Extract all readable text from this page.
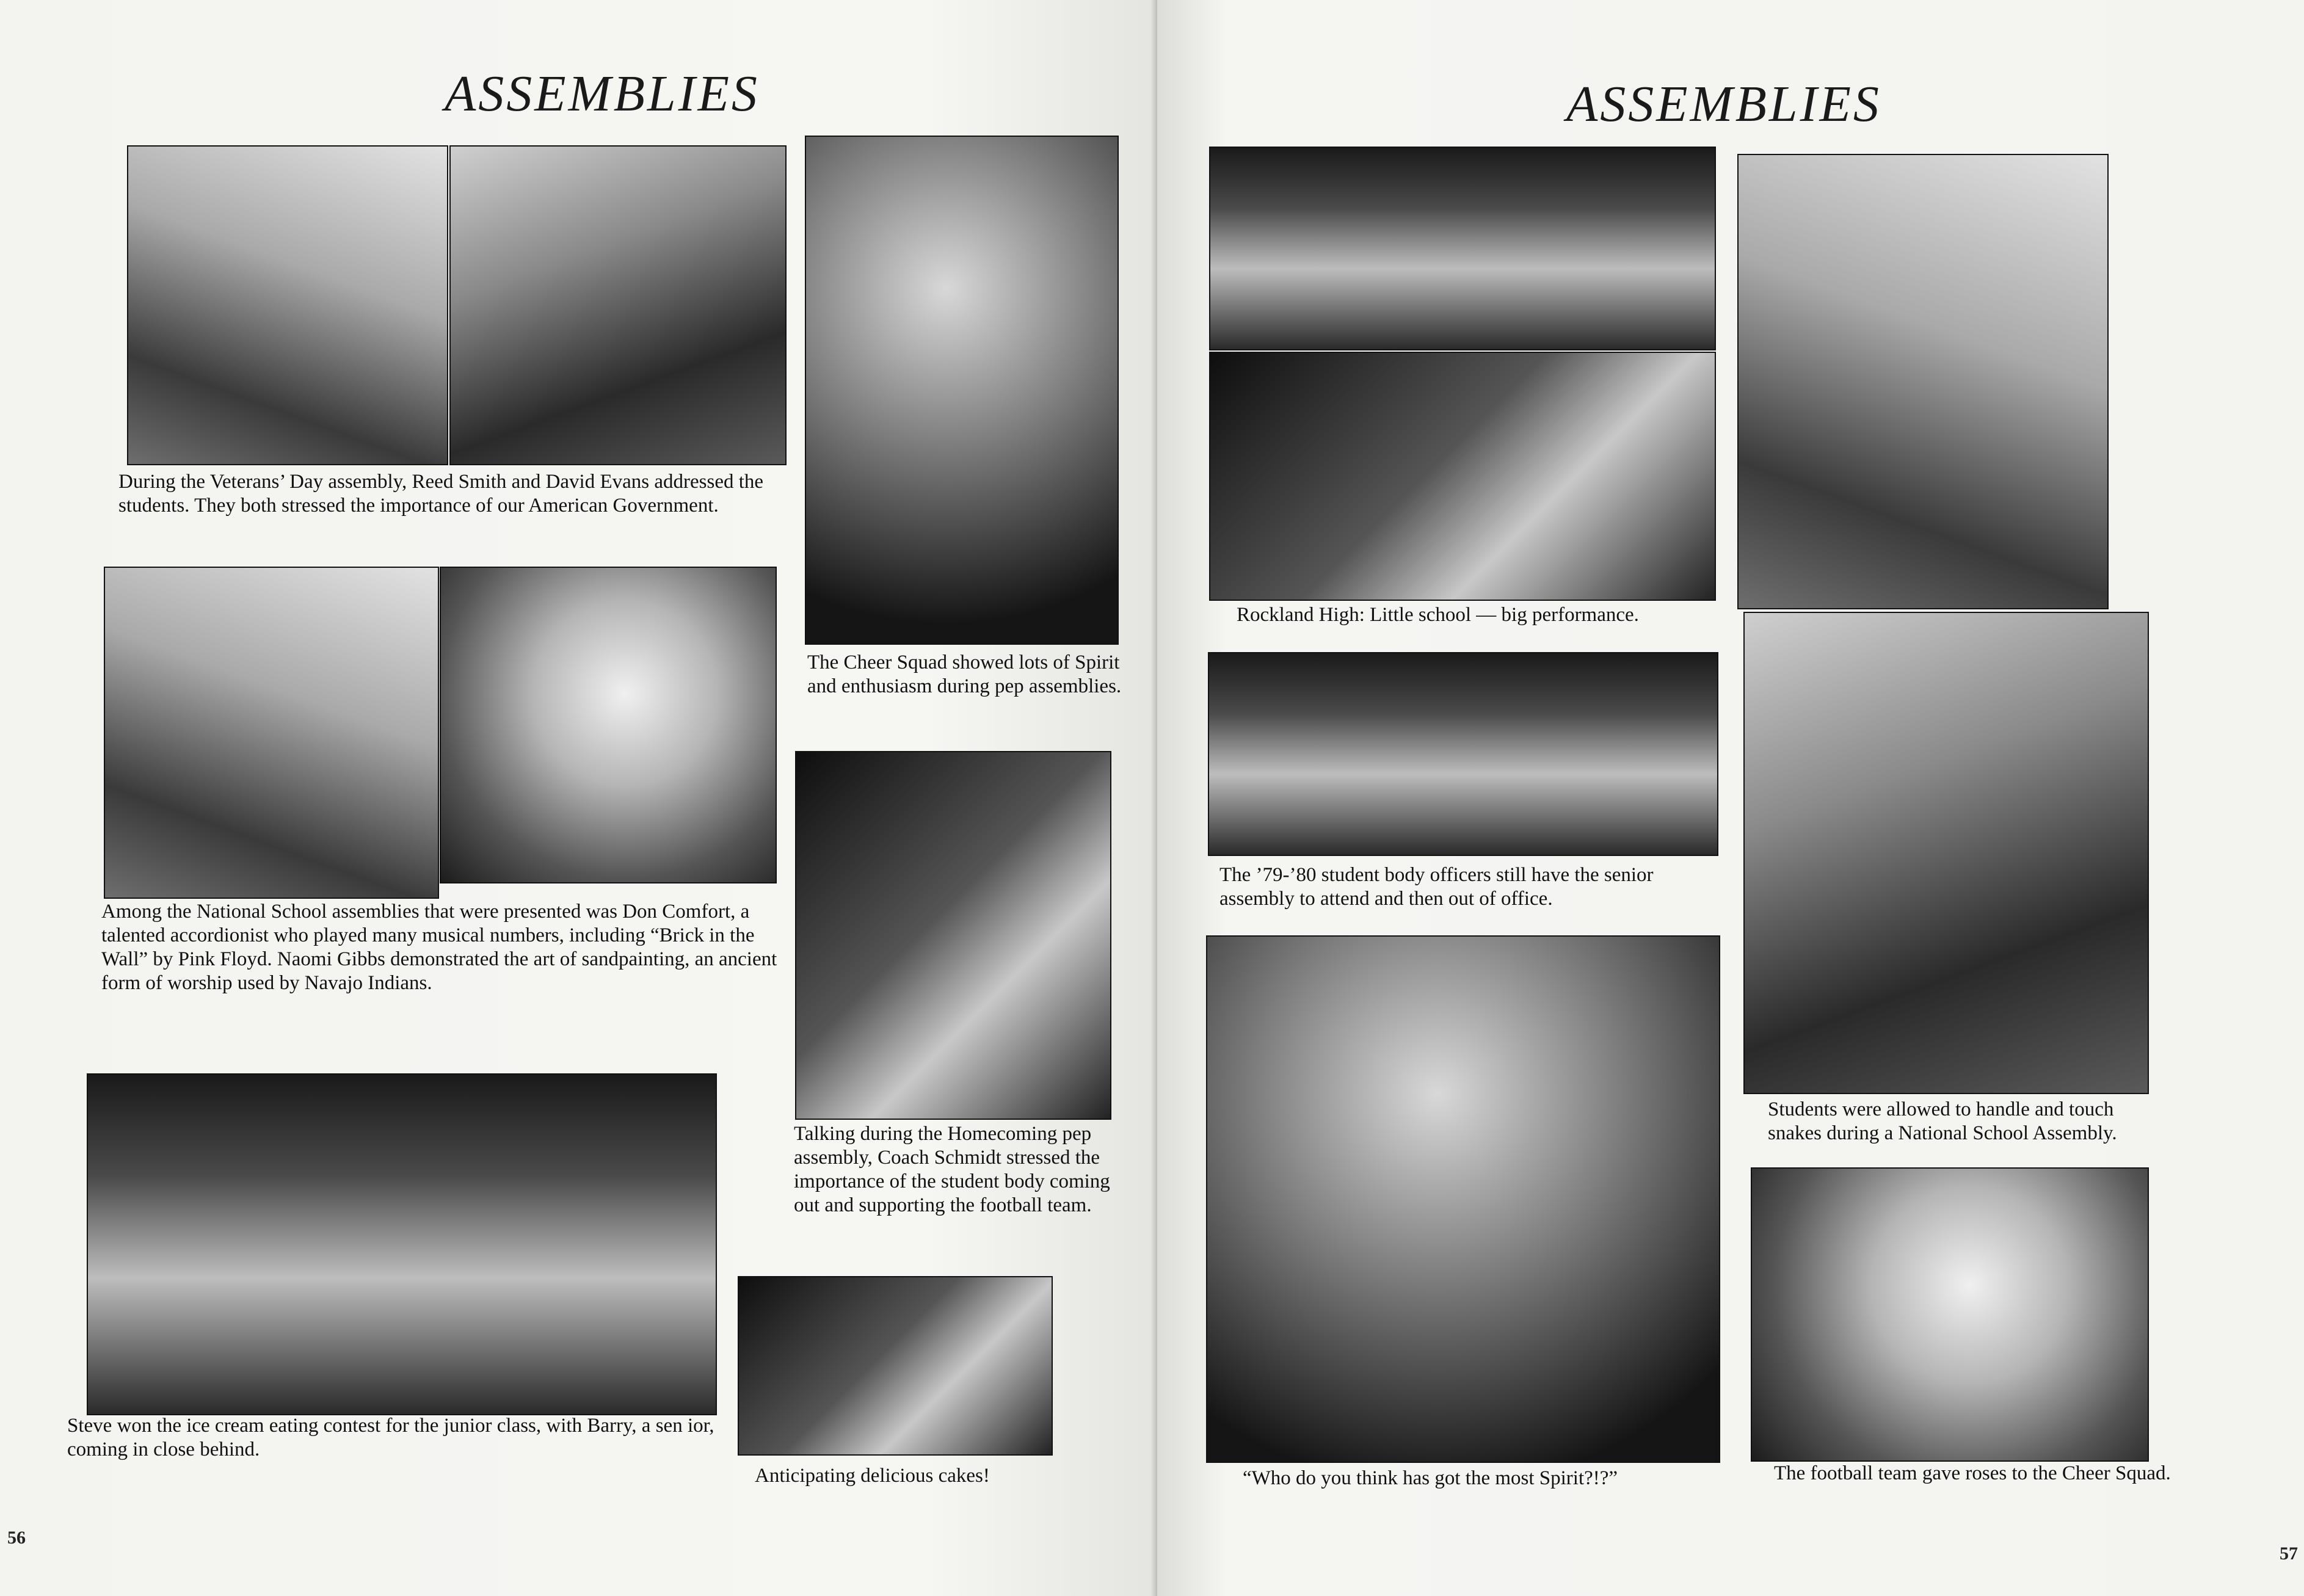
ASSEMBLIES
During the Veterans’ Day assembly, Reed Smith and David Evans addressed the students. They both stressed the importance of our American Government.
The Cheer Squad showed lots of Spirit and enthusiasm during pep assemblies.
Among the National School assemblies that were presented was Don Comfort, a talented accordionist who played many musical numbers, including “Brick in the Wall” by Pink Floyd. Naomi Gibbs demonstrated the art of sandpainting, an ancient form of worship used by Navajo Indians.
Talking during the Homecoming pep assembly, Coach Schmidt stressed the importance of the student body coming out and supporting the football team.
Steve won the ice cream eating contest for the junior class, with Barry, a sen ior, coming in close behind.
Anticipating delicious cakes!
56
ASSEMBLIES
Rockland High: Little school — big performance.
The ’79-’80 student body officers still have the senior assembly to attend and then out of office.
Students were allowed to handle and touch snakes during a National School Assembly.
“Who do you think has got the most Spirit?!?”	The football team gave roses to the Cheer Squad.
57
